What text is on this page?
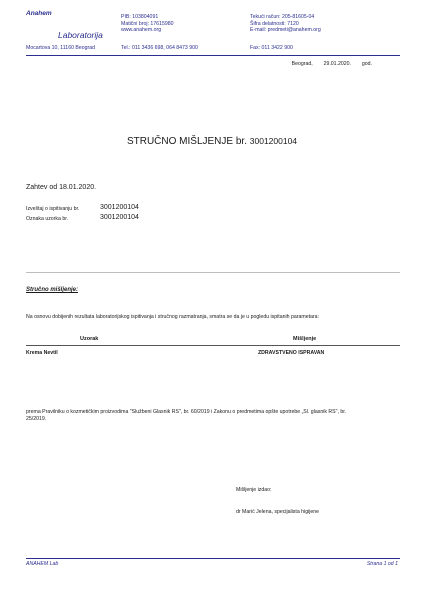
Anahem
Laboratorija
Mocartova 10, 11160 Beograd
PIB: 103804091
Matični broj: 17615980
www.anahem.org
Tekući račun: 205-81605-04
Šifra delatnosti: 7120
E-mail: predmeti@anahem.org
Tel.: 011 3436 698, 064 8473 900	Fax: 011 3422 900
Beograd, 29.01.2020. god.
STRUČNO MIŠLJENJE br. 3001200104
Zahtev od 18.01.2020.
Izveštaj o ispitivanju br.	3001200104
Oznaka uzorka br.	3001200104
Stručno mišljenje:
Na osnovu dobijenih rezultata laboratorijskog ispitivanja i stručnog razmatranja, smatra se da je u pogledu ispitanih parametara:
Uzorak	Mišljenje
Krema Nevtil	ZDRAVSTVENO ISPRAVAN
prema Pravilniku o kozmetičkim proizvodima "Službeni Glasnik RS", br. 60/2019 i Zakonu o predmetima opšte upotrebe „Sl. glasnik RS", br. 25/2019.
Mišljenje izdao:
dr Marić Jelena, specijalista higijene
ANAHEM Lab	Strana 1 od 1
